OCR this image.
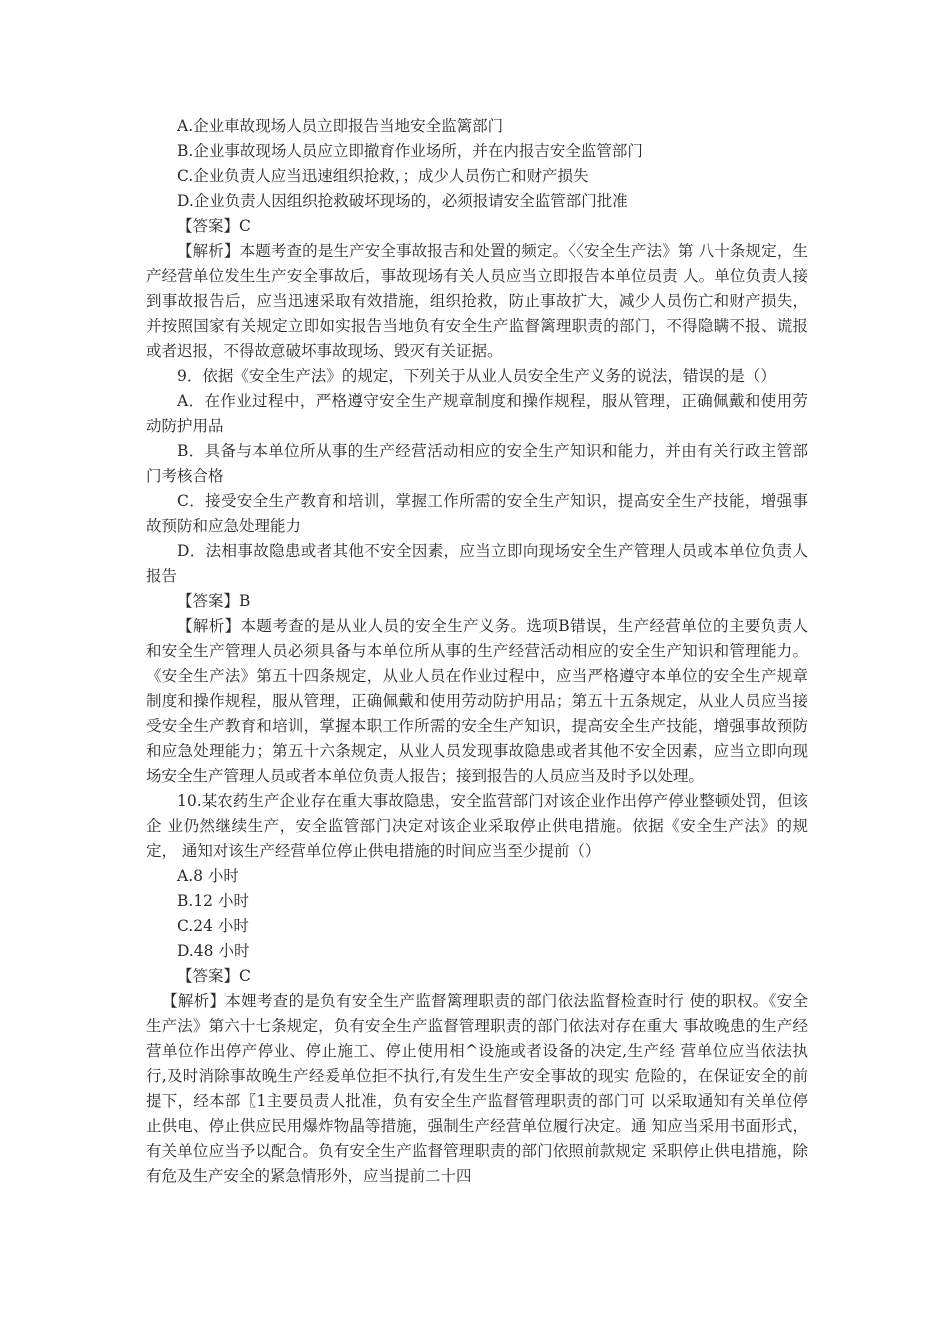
A.企业車故现场人员立即报告当地安全监篱部门

B.企业事故现场人员应立即撤育作业场所，并在内报吉安全监管部门

C.企业负责人应当迅速组织抢救，；成少人员伤亡和财产损失

D.企业负责人因组织抢救破坏现场的，必须报请安全监管部门批准

【答案】C

【解析】本题考查的是生产安全事故报吉和处置的频定。〈〈安全生产法》第 八十条规定，生产经营单位发生生产安全事故后，事故现场有关人员应当立即报告本单位员责 人。单位负责人接到事故报告后，应当迅速采取有效措施，组织抢救，防止事故扩大，减少人员伤亡和财产损失，并按照国家有关规定立即如实报告当地负有安全生产监督篱理职责的部门，不得隐瞒不报、谎报或者迟报，不得故意破坏事故现场、毁灭有关证据。

9．依据《安全生产法》的规定，下列关于从业人员安全生产义务的说法，错误的是（）

A．在作业过程中，严格遵守安全生产规章制度和操作规程，服从管理，正确佩戴和使用劳动防护用品

B．具备与本单位所从事的生产经营活动相应的安全生产知识和能力，并由有关行政主管部门考核合格

C．接受安全生产教育和培训，掌握工作所需的安全生产知识，提高安全生产技能，增强事故预防和应急处理能力

D．法相事故隐患或者其他不安全因素，应当立即向现场安全生产管理人员或本单位负责人报告

【答案】B

【解析】本题考查的是从业人员的安全生产义务。选项B错误，生产经营单位的主要负责人和安全生产管理人员必须具备与本单位所从事的生产经营活动相应的安全生产知识和管理能力。《安全生产法》第五十四条规定，从业人员在作业过程中，应当严格遵守本单位的安全生产规章制度和操作规程，服从管理，正确佩戴和使用劳动防护用品；第五十五条规定，从业人员应当接受安全生产教育和培训，掌握本职工作所需的安全生产知识，提高安全生产技能，增强事故预防和应急处理能力；第五十六条规定，从业人员发现事故隐患或者其他不安全因素，应当立即向现场安全生产管理人员或者本单位负责人报告；接到报告的人员应当及时予以处理。

10.某农药生产企业存在重大事故隐患，安全监营部门对该企业作出停产停业整顿处罚，但该企 业仍然继续生产，安全监管部门决定对该企业采取停止供电措施。依据《安全生产法》的规定， 通知对该生产经营单位停止供电措施的时间应当至少提前（）

A.8 小时

B.12 小时

C.24 小时

D.48 小时

【答案】C

【解析】本娌考查的是负有安全生产监督篱理职责的部门依法监督检查时行 使的职权。《安全生产法》第六十七条规定，负有安全生产监督管理职责的部门依法对存在重大 事故晚患的生产经营单位作出停产停业、停止施工、停止使用相^设施或者设备的决定,生产经 营单位应当依法执行,及时消除事故晚生产经爰单位拒不执行,有发生生产安全事故的现实 危险的，在保证安全的前提下，经本部〖1主要员责人批准，负有安全生产监督管理职责的部门可 以采取通知有关单位停止供电、停止供应民用爆炸物晶等措施，强制生产经营单位履行决定。通 知应当采用书面形式，有关单位应当予以配合。负有安全生产监督管理职责的部门依照前款规定 采职停止供电措施，除有危及生产安全的紧急情形外，应当提前二十四
